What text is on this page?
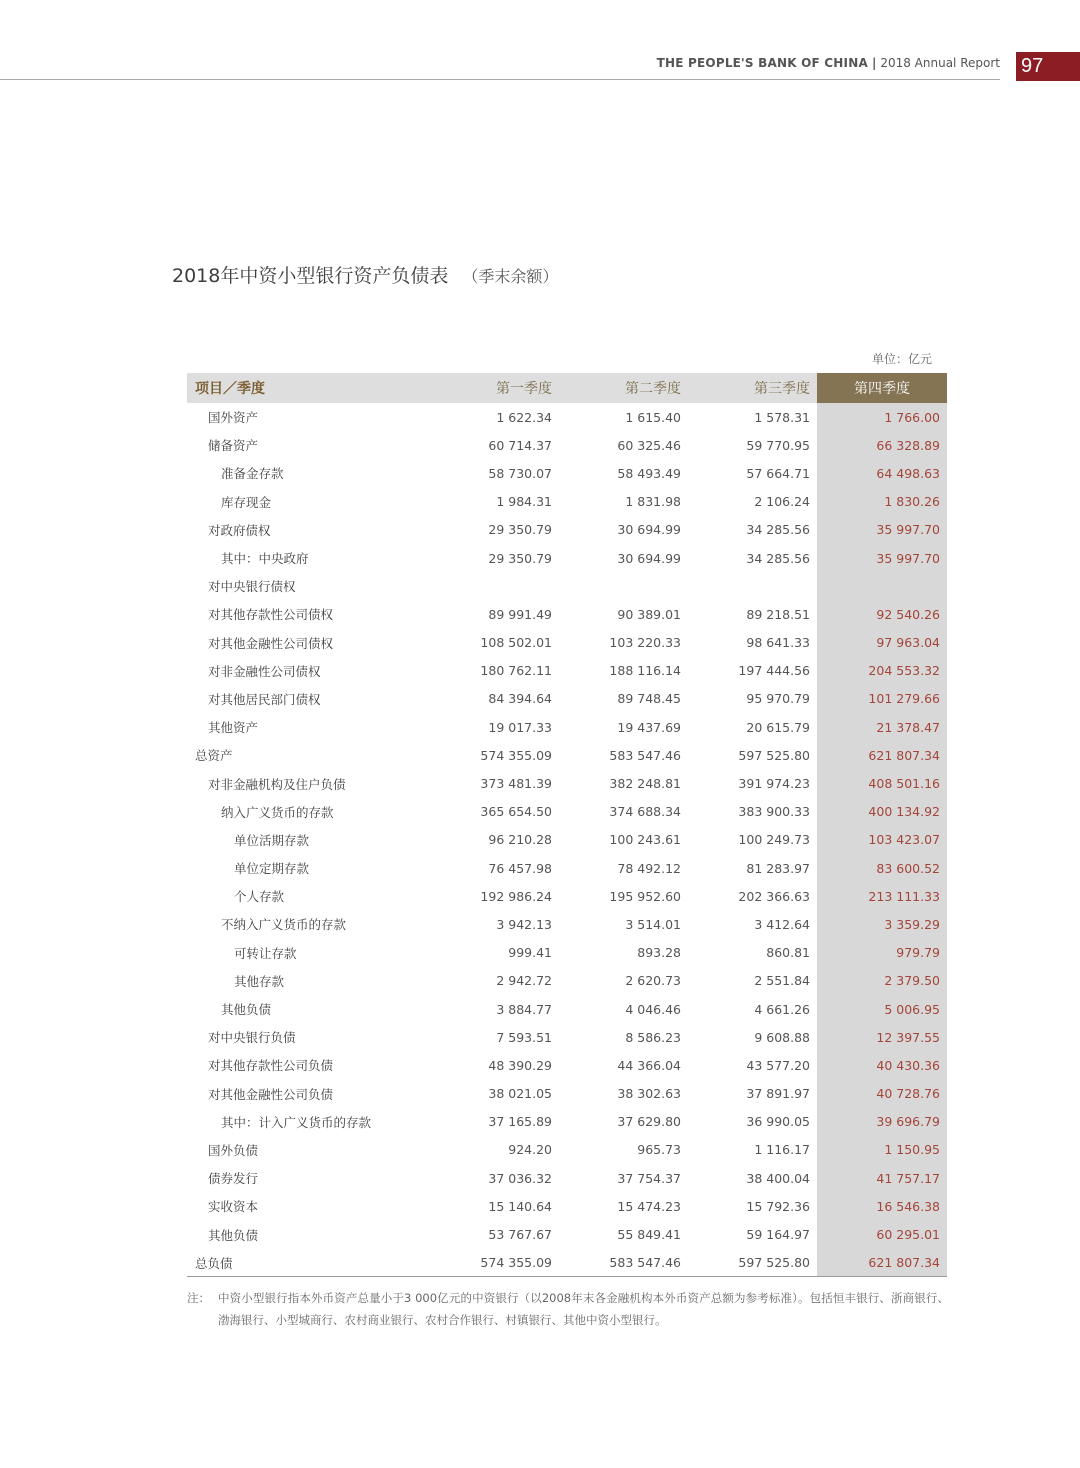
THE PEOPLE'S BANK OF CHINA | 2018 Annual Report 97
2018年中资小型银行资产负债表 （季末余额）
单位：亿元
项目／季度	第一季度	第二季度	第三季度	第四季度
国外资产	1 622.34	1 615.40	1 578.31	1 766.00
储备资产	60 714.37	60 325.46	59 770.95	66 328.89
准备金存款	58 730.07	58 493.49	57 664.71	64 498.63
库存现金	1 984.31	1 831.98	2 106.24	1 830.26
对政府债权	29 350.79	30 694.99	34 285.56	35 997.70
其中：中央政府	29 350.79	30 694.99	34 285.56	35 997.70
对中央银行债权				
对其他存款性公司债权	89 991.49	90 389.01	89 218.51	92 540.26
对其他金融性公司债权	108 502.01	103 220.33	98 641.33	97 963.04
对非金融性公司债权	180 762.11	188 116.14	197 444.56	204 553.32
对其他居民部门债权	84 394.64	89 748.45	95 970.79	101 279.66
其他资产	19 017.33	19 437.69	20 615.79	21 378.47
总资产	574 355.09	583 547.46	597 525.80	621 807.34
对非金融机构及住户负债	373 481.39	382 248.81	391 974.23	408 501.16
纳入广义货币的存款	365 654.50	374 688.34	383 900.33	400 134.92
单位活期存款	96 210.28	100 243.61	100 249.73	103 423.07
单位定期存款	76 457.98	78 492.12	81 283.97	83 600.52
个人存款	192 986.24	195 952.60	202 366.63	213 111.33
不纳入广义货币的存款	3 942.13	3 514.01	3 412.64	3 359.29
可转让存款	999.41	893.28	860.81	979.79
其他存款	2 942.72	2 620.73	2 551.84	2 379.50
其他负债	3 884.77	4 046.46	4 661.26	5 006.95
对中央银行负债	7 593.51	8 586.23	9 608.88	12 397.55
对其他存款性公司负债	48 390.29	44 366.04	43 577.20	40 430.36
对其他金融性公司负债	38 021.05	38 302.63	37 891.97	40 728.76
其中：计入广义货币的存款	37 165.89	37 629.80	36 990.05	39 696.79
国外负债	924.20	965.73	1 116.17	1 150.95
债券发行	37 036.32	37 754.37	38 400.04	41 757.17
实收资本	15 140.64	15 474.23	15 792.36	16 546.38
其他负债	53 767.67	55 849.41	59 164.97	60 295.01
总负债	574 355.09	583 547.46	597 525.80	621 807.34
注： 中资小型银行指本外币资产总量小于3 000亿元的中资银行（以2008年末各金融机构本外币资产总额为参考标准）。包括恒丰银行、浙商银行、渤海银行、小型城商行、农村商业银行、农村合作银行、村镇银行、其他中资小型银行。
